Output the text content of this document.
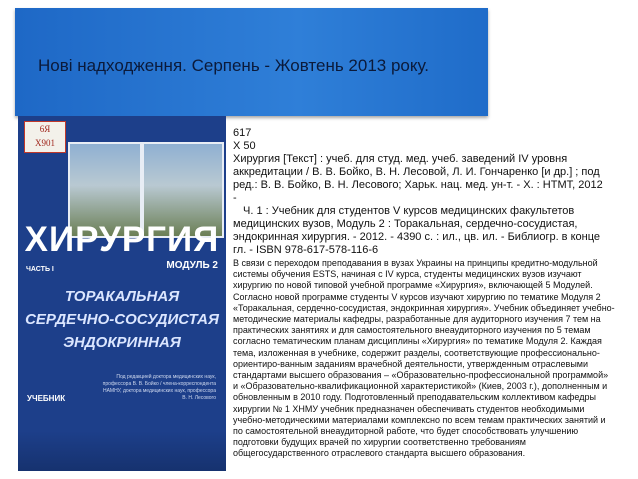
Нові надходження. Серпень - Жовтень 2013 року.
6Я
Х901
ХИРУРГИЯ
ЧАСТЬ I	МОДУЛЬ 2
ТОРАКАЛЬНАЯ
СЕРДЕЧНО-СОСУДИСТАЯ
ЭНДОКРИННАЯ
Под редакцией доктора медицинских наук, профессора В. В. Бойко / члена-корреспондента НАМНУ, доктора медицинских наук, профессора В. Н. Лесового
УЧЕБНИК
617
Х 50
Хирургия [Текст] : учеб. для студ. мед. учеб. заведений IV уровня аккредитации / В. В. Бойко, В. Н. Лесовой, Л. И. Гончаренко [и др.] ; под ред.: В. В. Бойко, В. Н. Лесового; Харьк. нац. мед. ун-т. - Х. : НТМТ, 2012
-
Ч. 1 : Учебник для студентов V курсов медицинских факультетов медицинских вузов, Модуль 2 : Торакальная, сердечно-сосудистая, эндокринная хирургия. - 2012. - 4390 с. : ил., цв. ил. - Библиогр. в конце гл. - ISBN 978-617-578-116-6
В связи с переходом преподавания в вузах Украины на принципы кредитно-модульной системы обучения ESTS, начиная с IV курса, студенты медицинских вузов изучают хирургию по новой типовой учебной программе «Хирургия», включающей 5 Модулей. Согласно новой программе студенты V курсов изучают хирургию по тематике Модуля 2 «Торакальная, сердечно-сосудистая, эндокринная хирургия». Учебник объединяет учебно-методические материалы кафедры, разработанные для аудиторного изучения 7 тем на практических занятиях и для самостоятельного внеаудиторного изучения по 5 темам согласно тематическим планам дисциплины «Хирургия» по тематике Модуля 2. Каждая тема, изложенная в учебнике, содержит разделы, соответствующие профессионально-ориентиро-ванным заданиям врачебной деятельности, утвержденным отраслевыми стандартами высшего образования – «Образовательно-профессиональной программой» и «Образовательно-квалификационной характеристикой» (Киев, 2003 г.), дополненным и обновленным в 2010 году. Подготовленный преподавательским коллективом кафедры хирургии № 1 ХНМУ учебник предназначен обеспечивать студентов необходимыми учебно-методическими материалами комплексно по всем темам практических занятий и по самостоятельной внеаудиторной работе, что будет способствовать улучшению подготовки будущих врачей по хирургии соответственно требованиям общегосударственного отраслевого стандарта высшего образования.
